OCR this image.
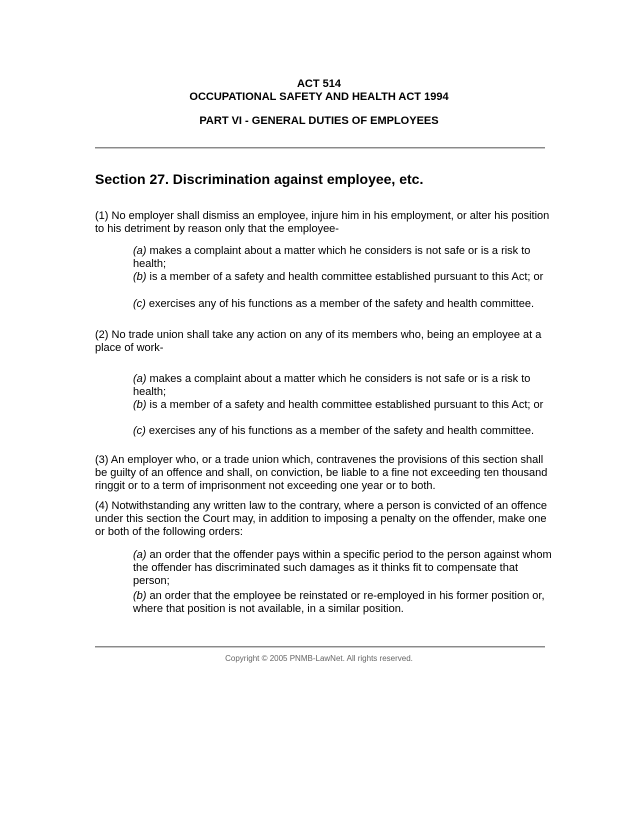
ACT 514
OCCUPATIONAL SAFETY AND HEALTH ACT 1994
PART VI - GENERAL DUTIES OF EMPLOYEES
Section 27. Discrimination against employee, etc.
(1) No employer shall dismiss an employee, injure him in his employment, or alter his position to his detriment by reason only that the employee-
(a) makes a complaint about a matter which he considers is not safe or is a risk to health;
(b) is a member of a safety and health committee established pursuant to this Act; or
(c) exercises any of his functions as a member of the safety and health committee.
(2) No trade union shall take any action on any of its members who, being an employee at a place of work-
(a) makes a complaint about a matter which he considers is not safe or is a risk to health;
(b) is a member of a safety and health committee established pursuant to this Act; or
(c) exercises any of his functions as a member of the safety and health committee.
(3) An employer who, or a trade union which, contravenes the provisions of this section shall be guilty of an offence and shall, on conviction, be liable to a fine not exceeding ten thousand ringgit or to a term of imprisonment not exceeding one year or to both.
(4) Notwithstanding any written law to the contrary, where a person is convicted of an offence under this section the Court may, in addition to imposing a penalty on the offender, make one or both of the following orders:
(a) an order that the offender pays within a specific period to the person against whom the offender has discriminated such damages as it thinks fit to compensate that person;
(b) an order that the employee be reinstated or re-employed in his former position or, where that position is not available, in a similar position.
Copyright © 2005 PNMB-LawNet. All rights reserved.
